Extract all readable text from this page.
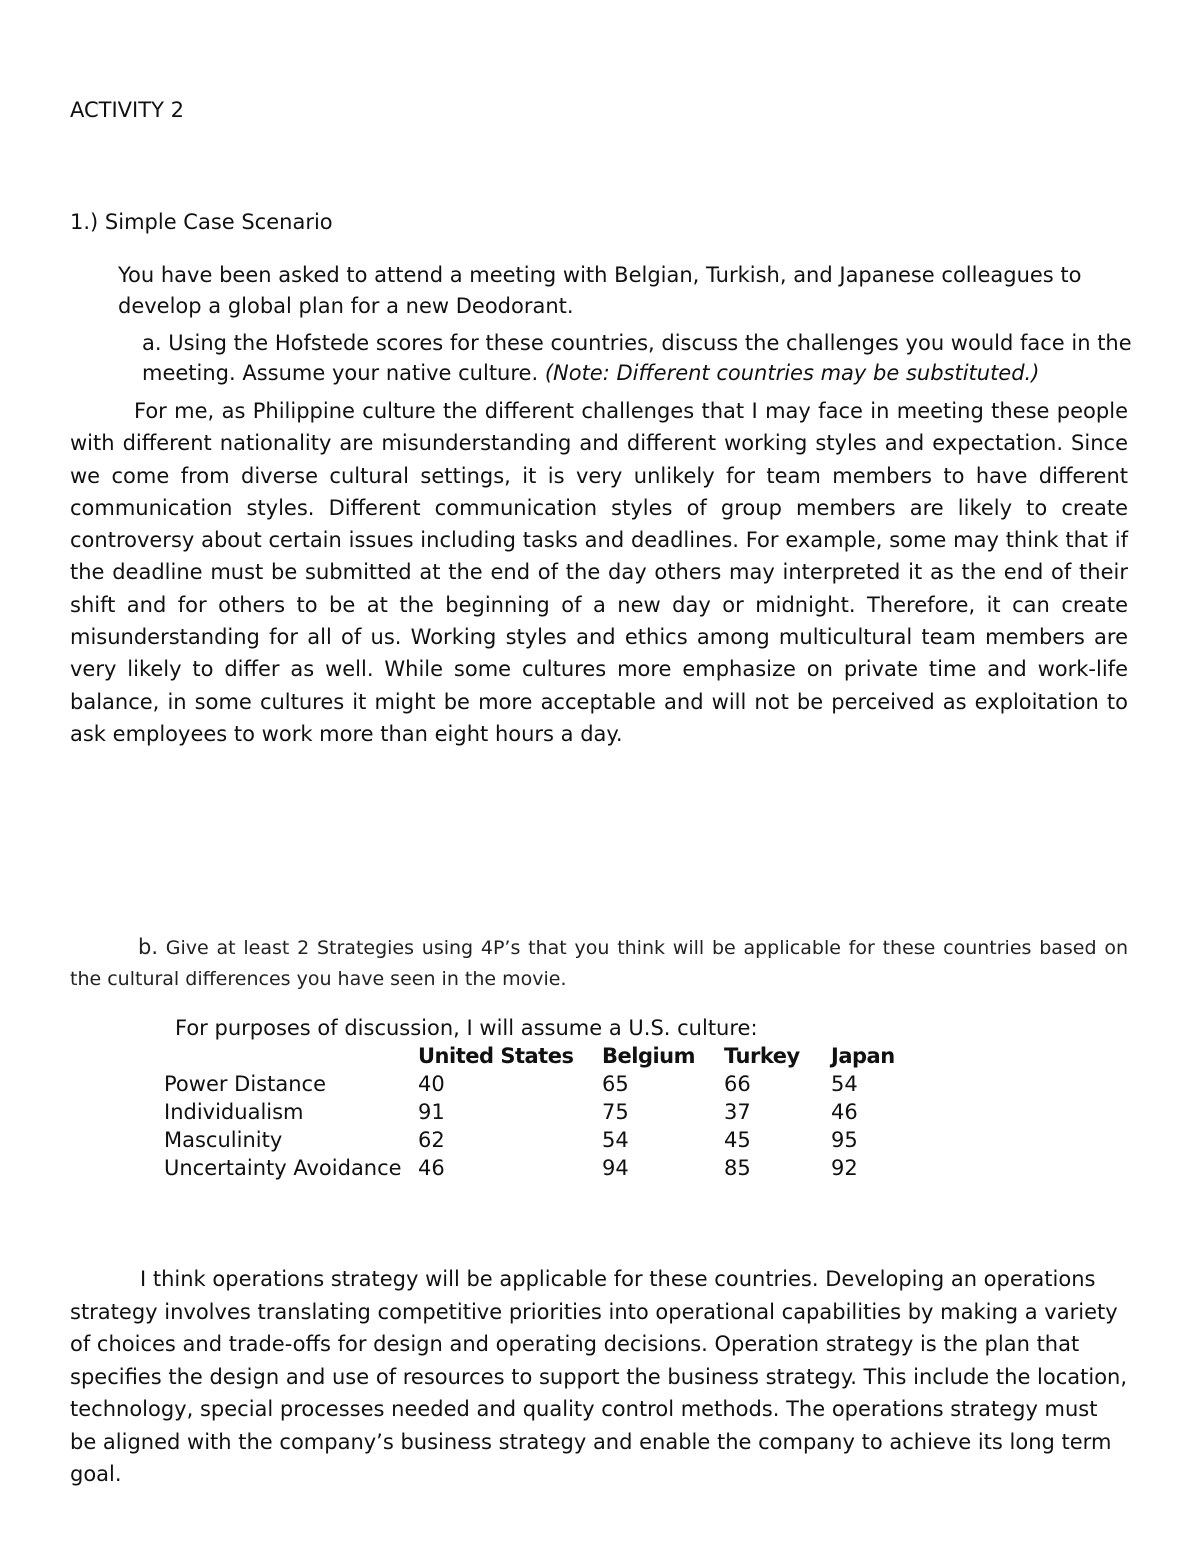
ACTIVITY 2

1.) Simple Case Scenario

You have been asked to attend a meeting with Belgian, Turkish, and Japanese colleagues to develop a global plan for a new Deodorant.

a. Using the Hofstede scores for these countries, discuss the challenges you would face in the meeting. Assume your native culture. (Note: Different countries may be substituted.)

For me, as Philippine culture the different challenges that I may face in meeting these people with different nationality are misunderstanding and different working styles and expectation. Since we come from diverse cultural settings, it is very unlikely for team members to have different communication styles. Different communication styles of group members are likely to create controversy about certain issues including tasks and deadlines. For example, some may think that if the deadline must be submitted at the end of the day others may interpreted it as the end of their shift and for others to be at the beginning of a new day or midnight. Therefore, it can create misunderstanding for all of us. Working styles and ethics among multicultural team members are very likely to differ as well. While some cultures more emphasize on private time and work-life balance, in some cultures it might be more acceptable and will not be perceived as exploitation to ask employees to work more than eight hours a day.

b. Give at least 2 Strategies using 4P’s that you think will be applicable for these countries based on the cultural differences you have seen in the movie.

For purposes of discussion, I will assume a U.S. culture:

	United States	Belgium	Turkey	Japan
Power Distance	40	65	66	54
Individualism	91	75	37	46
Masculinity	62	54	45	95
Uncertainty Avoidance	46	94	85	92

I think operations strategy will be applicable for these countries. Developing an operations strategy involves translating competitive priorities into operational capabilities by making a variety of choices and trade-offs for design and operating decisions. Operation strategy is the plan that specifies the design and use of resources to support the business strategy. This include the location, technology, special processes needed and quality control methods. The operations strategy must be aligned with the company’s business strategy and enable the company to achieve its long term goal.
